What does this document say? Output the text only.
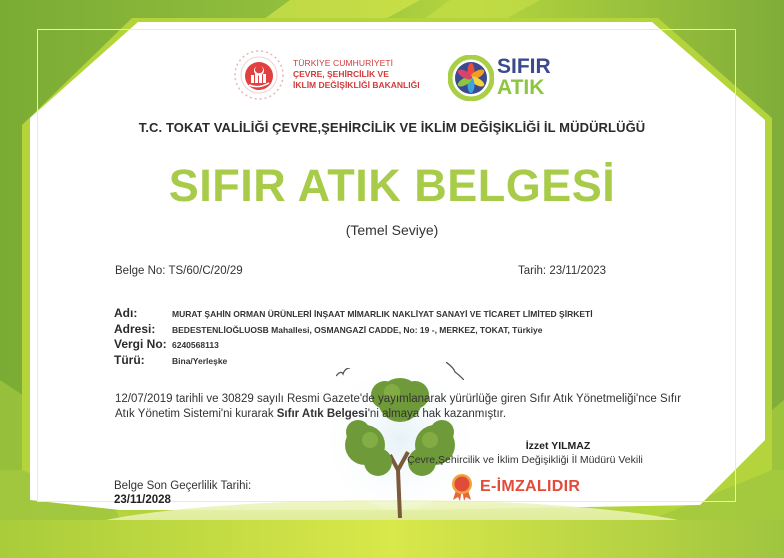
TÜRKİYE CUMHURİYETİ
ÇEVRE, ŞEHİRCİLİK VE
İKLİM DEĞİŞİKLİĞİ BAKANLIĞI
SIFIR
ATIK
T.C. TOKAT VALİLİĞİ ÇEVRE,ŞEHİRCİLİK VE İKLİM DEĞİŞİKLİĞİ İL MÜDÜRLÜĞÜ
SIFIR ATIK BELGESİ
(Temel Seviye)
Belge No: TS/60/C/20/29	Tarih: 23/11/2023
Adı:	MURAT ŞAHİN ORMAN ÜRÜNLERİ İNŞAAT MİMARLIK NAKLİYAT SANAYİ VE TİCARET LİMİTED ŞİRKETİ
Adresi:	BEDESTENLİOĞLUOSB Mahallesi, OSMANGAZİ CADDE, No: 19 -, MERKEZ, TOKAT, Türkiye
Vergi No: 6240568113
Türü:	Bina/Yerleşke
12/07/2019 tarihli ve 30829 sayılı Resmi Gazete'de yayımlanarak yürürlüğe giren Sıfır Atık Yönetmeliği'nce Sıfır Atık Yönetim Sistemi'ni kurarak Sıfır Atık Belgesi'ni almaya hak kazanmıştır.
İzzet YILMAZ
Çevre,Şehircilik ve İklim Değişikliği İl Müdürü Vekili
E-İMZALIDIR
Belge Son Geçerlilik Tarihi:
23/11/2028
